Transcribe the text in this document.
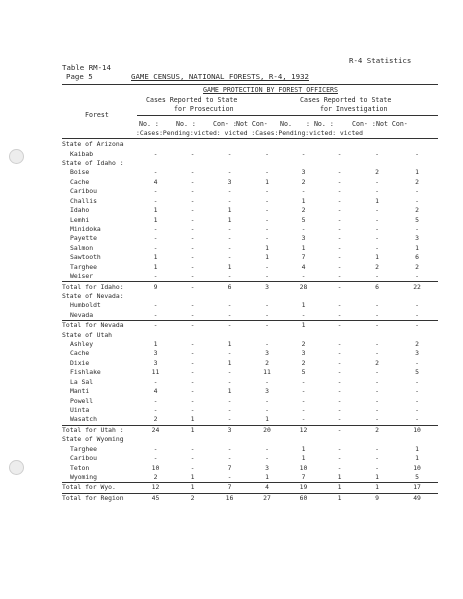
Table RM-14
Page 5	GAME CENSUS, NATIONAL FORESTS, R-4, 1932
R-4 Statistics
GAME PROTECTION BY FOREST OFFICERS
Cases Reported to State
for Prosecution
Cases Reported to State
for Investigation
Forest
No. :	No. :	Con- : Not Con- No. : No. :	Con- : Not Con-
:Cases:Pending:victed: victed :Cases:Pending:victed: victed
State of Arizona								
Kaibab	-	-	-	-	-	-	-	-
State of Idaho :								
Boise	-	-	-	-	3	-	2	1
Cache	4	-	3	1	2	-	-	2
Caribou	-	-	-	-	-	-	-	-
Challis	-	-	-	-	1	-	1	-
Idaho	1	-	1	-	2	-	-	2
Lemhi	1	-	1	-	5	-	-	5
Minidoka	-	-	-	-	-	-	-	-
Payette	-	-	-	-	3	-	-	3
Salmon	-	-	-	1	1	-	-	1
Sawtooth	1	-	-	1	7	-	1	6
Targhee	1	-	1	-	4	-	2	2
Weiser	-	-	-	-	-	-	-	-
Total for Idaho:	9	-	6	3	28	-	6	22
State of Nevada:								
Humboldt	-	-	-	-	1	-	-	-
Nevada	-	-	-	-	-	-	-	-
Total for Nevada	-	-	-	-	1	-	-	-
State of Utah								
Ashley	1	-	1	-	2	-	-	2
Cache	3	-	-	3	3	-	-	3
Dixie	3	-	1	2	2	-	2	-
Fishlake	11	-	-	11	5	-	-	5
La Sal	-	-	-	-	-	-	-	-
Manti	4	-	1	3	-	-	-	-
Powell	-	-	-	-	-	-	-	-
Uinta	-	-	-	-	-	-	-	-
Wasatch	2	1	-	1	-	-	-	-
Total for Utah :	24	1	3	20	12	-	2	10
State of Wyoming								
Targhee	-	-	-	-	1	-	-	1
Caribou	-	-	-	-	1	-	-	1
Teton	10	-	7	3	10	-	-	10
Wyoming	2	1	-	1	7	1	1	5
Total for Wyo.	12	1	7	4	19	1	1	17
Total for Region	45	2	16	27	60	1	9	49
